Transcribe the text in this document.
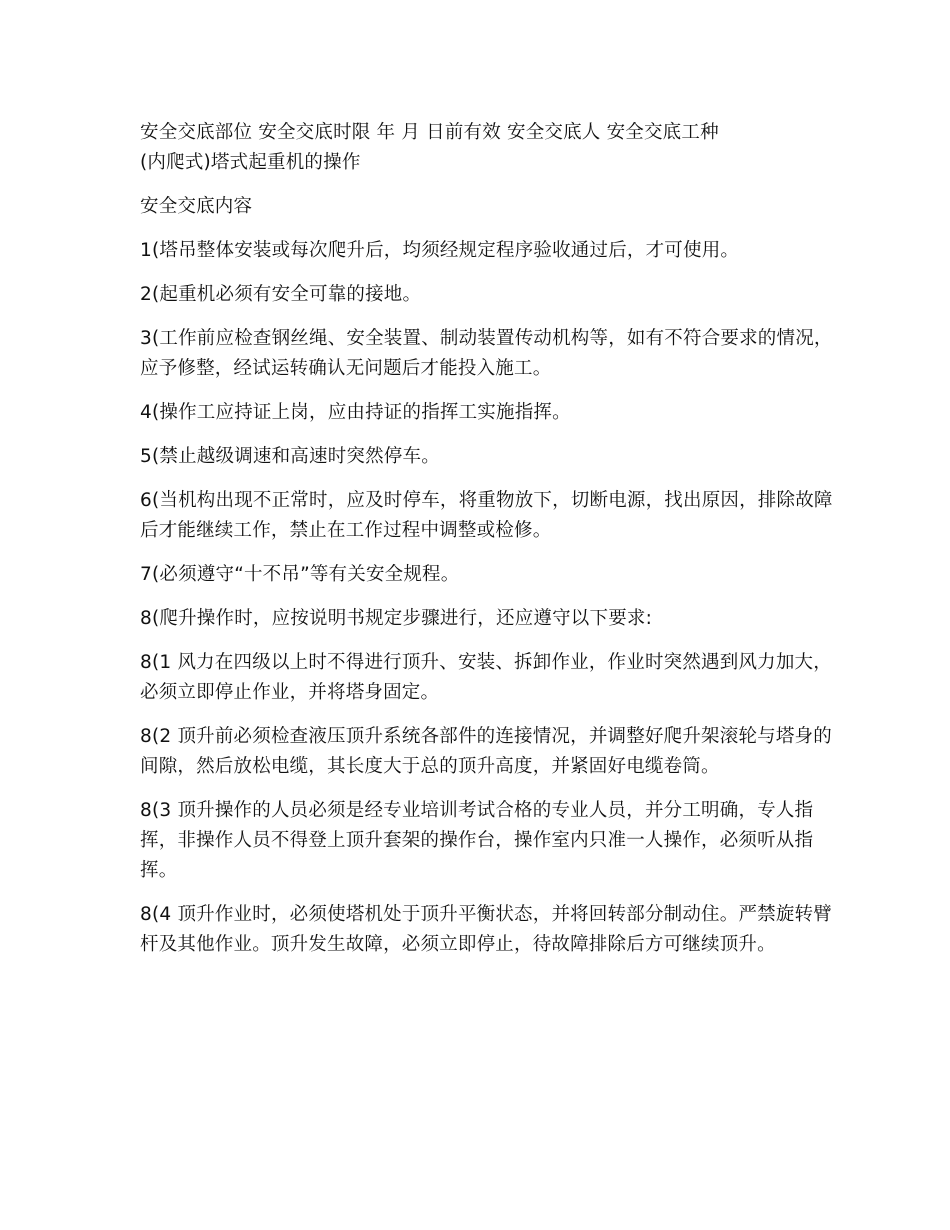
安全交底部位 安全交底时限 年 月 日前有效 安全交底人 安全交底工种

(内爬式)塔式起重机的操作

安全交底内容

1(塔吊整体安装或每次爬升后，均须经规定程序验收通过后，才可使用。

2(起重机必须有安全可靠的接地。

3(工作前应检查钢丝绳、安全装置、制动装置传动机构等，如有不符合要求的情况，应予修整，经试运转确认无问题后才能投入施工。

4(操作工应持证上岗，应由持证的指挥工实施指挥。

5(禁止越级调速和高速时突然停车。

6(当机构出现不正常时，应及时停车，将重物放下，切断电源，找出原因，排除故障后才能继续工作，禁止在工作过程中调整或检修。

7(必须遵守“十不吊”等有关安全规程。

8(爬升操作时，应按说明书规定步骤进行，还应遵守以下要求:

8(1 风力在四级以上时不得进行顶升、安装、拆卸作业，作业时突然遇到风力加大，必须立即停止作业，并将塔身固定。

8(2 顶升前必须检查液压顶升系统各部件的连接情况，并调整好爬升架滚轮与塔身的间隙，然后放松电缆，其长度大于总的顶升高度，并紧固好电缆卷筒。

8(3 顶升操作的人员必须是经专业培训考试合格的专业人员，并分工明确，专人指挥，非操作人员不得登上顶升套架的操作台，操作室内只准一人操作，必须听从指挥。

8(4 顶升作业时，必须使塔机处于顶升平衡状态，并将回转部分制动住。严禁旋转臂杆及其他作业。顶升发生故障，必须立即停止，待故障排除后方可继续顶升。
